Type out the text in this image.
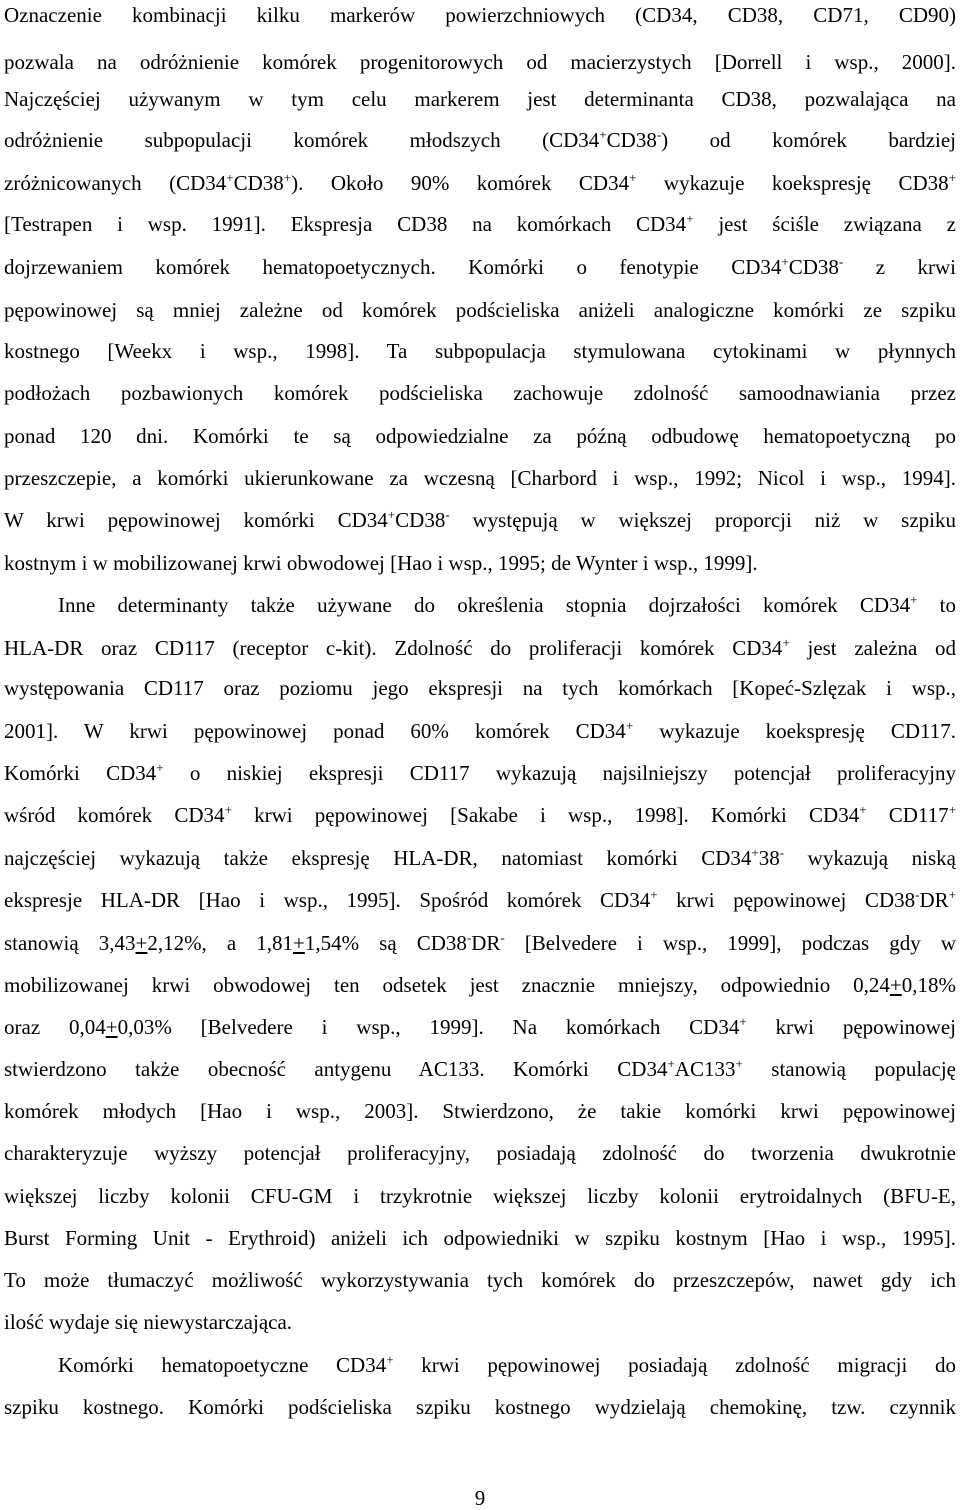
Oznaczenie kombinacji kilku markerów powierzchniowych (CD34, CD38, CD71, CD90)
pozwala na odróżnienie komórek progenitorowych od macierzystych [Dorrell i wsp., 2000].
Najczęściej używanym w tym celu markerem jest determinanta CD38, pozwalająca na
odróżnienie subpopulacji komórek młodszych (CD34+CD38-) od komórek bardziej
zróżnicowanych (CD34+CD38+). Około 90% komórek CD34+ wykazuje koekspresję CD38+
[Testrapen i wsp. 1991]. Ekspresja CD38 na komórkach CD34+ jest ściśle związana z
dojrzewaniem komórek hematopoetycznych. Komórki o fenotypie CD34+CD38- z krwi
pępowinowej są mniej zależne od komórek podścieliska aniżeli analogiczne komórki ze szpiku
kostnego [Weekx i wsp., 1998]. Ta subpopulacja stymulowana cytokinami w płynnych
podłożach pozbawionych komórek podścieliska zachowuje zdolność samoodnawiania przez
ponad 120 dni. Komórki te są odpowiedzialne za późną odbudowę hematopoetyczną po
przeszczepie, a komórki ukierunkowane za wczesną [Charbord i wsp., 1992; Nicol i wsp., 1994].
W krwi pępowinowej komórki CD34+CD38- występują w większej proporcji niż w szpiku
kostnym i w mobilizowanej krwi obwodowej [Hao i wsp., 1995; de Wynter i wsp., 1999].
Inne determinanty także używane do określenia stopnia dojrzałości komórek CD34+ to
HLA-DR oraz CD117 (receptor c-kit). Zdolność do proliferacji komórek CD34+ jest zależna od
występowania CD117 oraz poziomu jego ekspresji na tych komórkach [Kopeć-Szlęzak i wsp.,
2001]. W krwi pępowinowej ponad 60% komórek CD34+ wykazuje koekspresję CD117.
Komórki CD34+ o niskiej ekspresji CD117 wykazują najsilniejszy potencjał proliferacyjny
wśród komórek CD34+ krwi pępowinowej [Sakabe i wsp., 1998]. Komórki CD34+ CD117+
najczęściej wykazują także ekspresję HLA-DR, natomiast komórki CD34+38- wykazują niską
ekspresje HLA-DR [Hao i wsp., 1995]. Spośród komórek CD34+ krwi pępowinowej CD38-DR+
stanowią 3,43+2,12%, a 1,81+1,54% są CD38-DR- [Belvedere i wsp., 1999], podczas gdy w
mobilizowanej krwi obwodowej ten odsetek jest znacznie mniejszy, odpowiednio 0,24+0,18%
oraz 0,04+0,03% [Belvedere i wsp., 1999]. Na komórkach CD34+ krwi pępowinowej
stwierdzono także obecność antygenu AC133. Komórki CD34+AC133+ stanowią populację
komórek młodych [Hao i wsp., 2003]. Stwierdzono, że takie komórki krwi pępowinowej
charakteryzuje wyższy potencjał proliferacyjny, posiadają zdolność do tworzenia dwukrotnie
większej liczby kolonii CFU-GM i trzykrotnie większej liczby kolonii erytroidalnych (BFU-E,
Burst Forming Unit - Erythroid) aniżeli ich odpowiedniki w szpiku kostnym [Hao i wsp., 1995].
To może tłumaczyć możliwość wykorzystywania tych komórek do przeszczepów, nawet gdy ich
ilość wydaje się niewystarczająca.
Komórki hematopoetyczne CD34+ krwi pępowinowej posiadają zdolność migracji do
szpiku kostnego. Komórki podścieliska szpiku kostnego wydzielają chemokinę, tzw. czynnik
9
